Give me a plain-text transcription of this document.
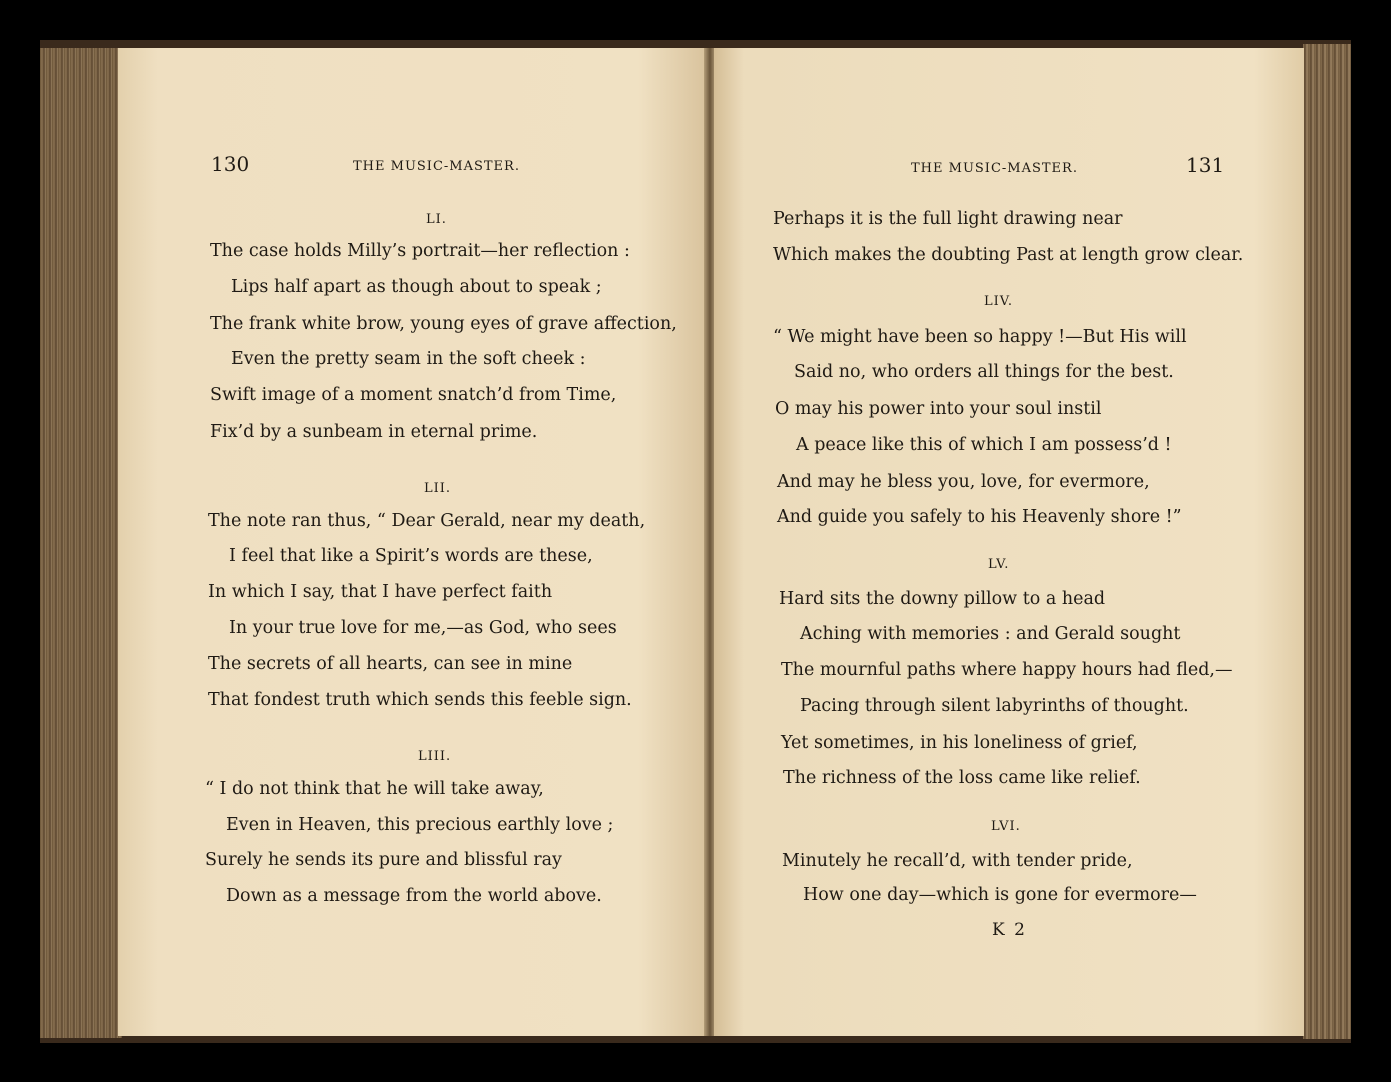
130	THE MUSIC-MASTER.
LI.
The case holds Milly’s portrait—her reflection :
Lips half apart as though about to speak ;
The frank white brow, young eyes of grave affection,
Even the pretty seam in the soft cheek :
Swift image of a moment snatch’d from Time,
Fix’d by a sunbeam in eternal prime.
LII.
The note ran thus, “ Dear Gerald, near my death,
I feel that like a Spirit’s words are these,
In which I say, that I have perfect faith
In your true love for me,—as God, who sees
The secrets of all hearts, can see in mine
That fondest truth which sends this feeble sign.
LIII.
“ I do not think that he will take away,
Even in Heaven, this precious earthly love ;
Surely he sends its pure and blissful ray
Down as a message from the world above.
THE MUSIC-MASTER.	131
Perhaps it is the full light drawing near
Which makes the doubting Past at length grow clear.
LIV.
“ We might have been so happy !—But His will
Said no, who orders all things for the best.
O may his power into your soul instil
A peace like this of which I am possess’d !
And may he bless you, love, for evermore,
And guide you safely to his Heavenly shore !”
LV.
Hard sits the downy pillow to a head
Aching with memories : and Gerald sought
The mournful paths where happy hours had fled,—
Pacing through silent labyrinths of thought.
Yet sometimes, in his loneliness of grief,
The richness of the loss came like relief.
LVI.
Minutely he recall’d, with tender pride,
How one day—which is gone for evermore—
K 2
